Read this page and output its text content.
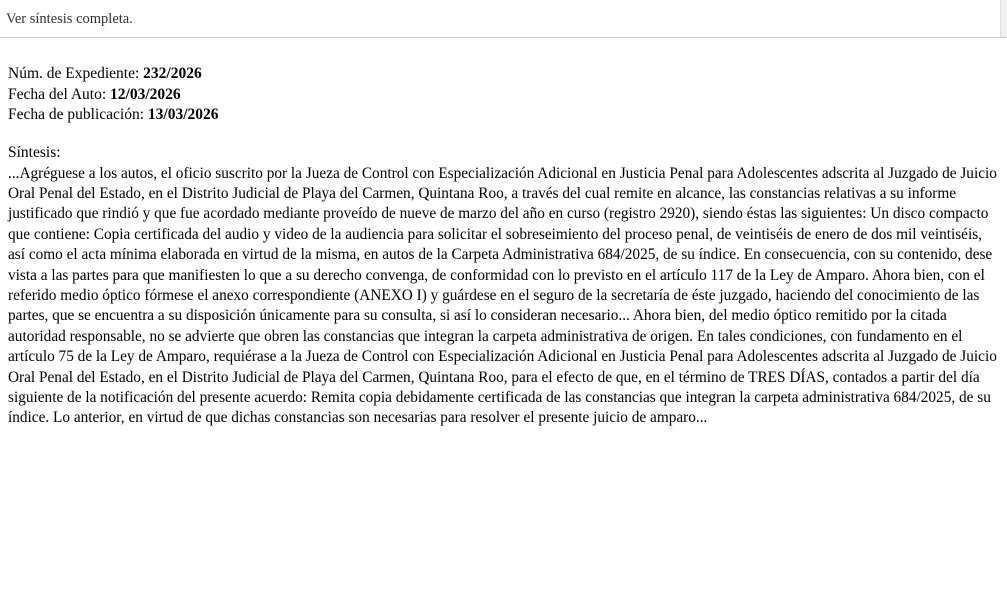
Ver síntesis completa.
Núm. de Expediente: 232/2026
Fecha del Auto: 12/03/2026
Fecha de publicación: 13/03/2026
Síntesis:

...Agréguese a los autos, el oficio suscrito por la Jueza de Control con Especialización Adicional en Justicia Penal para Adolescentes adscrita al Juzgado de Juicio Oral Penal del Estado, en el Distrito Judicial de Playa del Carmen, Quintana Roo, a través del cual remite en alcance, las constancias relativas a su informe justificado que rindió y que fue acordado mediante proveído de nueve de marzo del año en curso (registro 2920), siendo éstas las siguientes: Un disco compacto que contiene: Copia certificada del audio y video de la audiencia para solicitar el sobreseimiento del proceso penal, de veintiséis de enero de dos mil veintiséis, así como el acta mínima elaborada en virtud de la misma, en autos de la Carpeta Administrativa 684/2025, de su índice. En consecuencia, con su contenido, dese vista a las partes para que manifiesten lo que a su derecho convenga, de conformidad con lo previsto en el artículo 117 de la Ley de Amparo. Ahora bien, con el referido medio óptico fórmese el anexo correspondiente (ANEXO I) y guárdese en el seguro de la secretaría de éste juzgado, haciendo del conocimiento de las partes, que se encuentra a su disposición únicamente para su consulta, si así lo consideran necesario... Ahora bien, del medio óptico remitido por la citada autoridad responsable, no se advierte que obren las constancias que integran la carpeta administrativa de origen. En tales condiciones, con fundamento en el artículo 75 de la Ley de Amparo, requiérase a la Jueza de Control con Especialización Adicional en Justicia Penal para Adolescentes adscrita al Juzgado de Juicio Oral Penal del Estado, en el Distrito Judicial de Playa del Carmen, Quintana Roo, para el efecto de que, en el término de TRES DÍAS, contados a partir del día siguiente de la notificación del presente acuerdo: Remita copia debidamente certificada de las constancias que integran la carpeta administrativa 684/2025, de su índice. Lo anterior, en virtud de que dichas constancias son necesarias para resolver el presente juicio de amparo...
